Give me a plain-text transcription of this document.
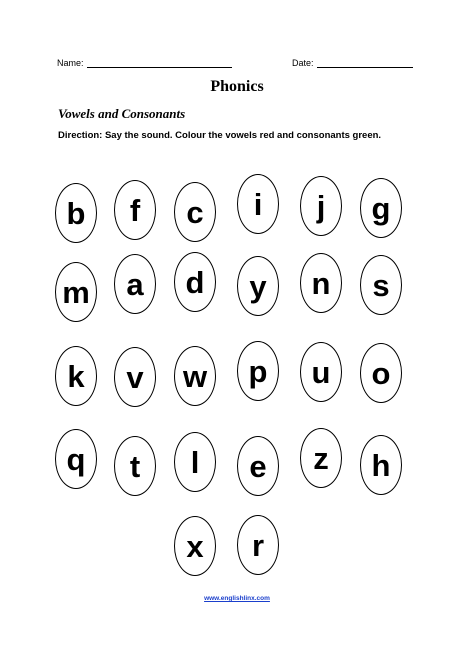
Name:	Date:
Phonics
Vowels and Consonants
Direction: Say the sound. Colour the vowels red and consonants green.
b f c i j g
m a d y n s
k v w p u o
q t l e z h
x r
www.englishlinx.com
